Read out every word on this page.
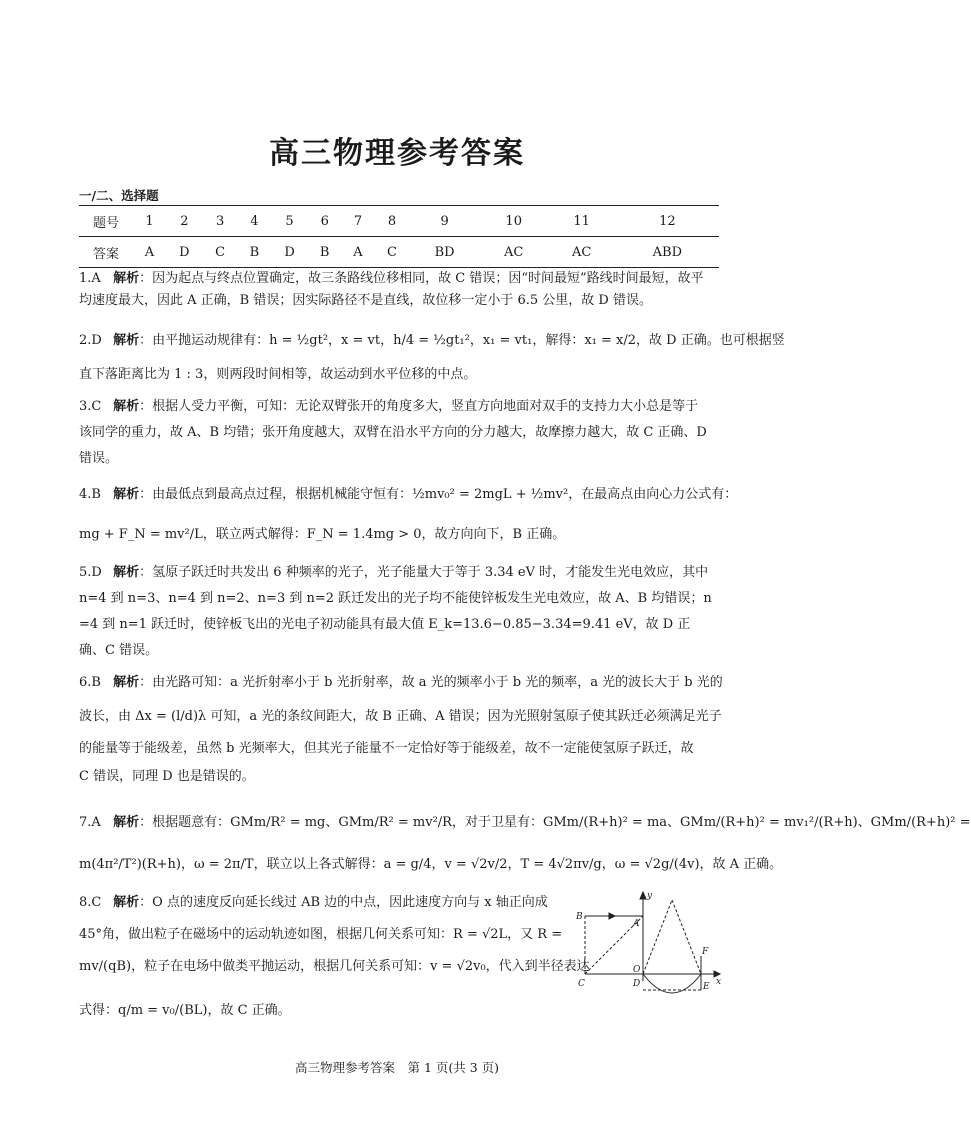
高三物理参考答案
一/二、选择题
题号	1	2	3	4	5	6	7	8	9	10	11	12
答案	A	D	C	B	D	B	A	C	BD	AC	AC	ABD
1.A 解析：因为起点与终点位置确定，故三条路线位移相同，故 C 错误；因“时间最短”路线时间最短，故平
均速度最大，因此 A 正确，B 错误；因实际路径不是直线，故位移一定小于 6.5 公里，故 D 错误。
2.D 解析：由平抛运动规律有：h = ½gt²，x = vt，h/4 = ½gt₁²，x₁ = vt₁，解得：x₁ = x/2，故 D 正确。也可根据竖
直下落距离比为 1 : 3，则两段时间相等，故运动到水平位移的中点。
3.C 解析：根据人受力平衡，可知：无论双臂张开的角度多大，竖直方向地面对双手的支持力大小总是等于
该同学的重力，故 A、B 均错；张开角度越大，双臂在沿水平方向的分力越大，故摩擦力越大，故 C 正确、D
错误。
4.B 解析：由最低点到最高点过程，根据机械能守恒有：½mv₀² = 2mgL + ½mv²，在最高点由向心力公式有：
mg + F_N = mv²/L，联立两式解得：F_N = 1.4mg > 0，故方向向下，B 正确。
5.D 解析：氢原子跃迁时共发出 6 种频率的光子，光子能量大于等于 3.34 eV 时，才能发生光电效应，其中
n=4 到 n=3、n=4 到 n=2、n=3 到 n=2 跃迁发出的光子均不能使锌板发生光电效应，故 A、B 均错误；n
=4 到 n=1 跃迁时，使锌板飞出的光电子初动能具有最大值 E_k=13.6−0.85−3.34=9.41 eV，故 D 正
确、C 错误。
6.B 解析：由光路可知：a 光折射率小于 b 光折射率，故 a 光的频率小于 b 光的频率，a 光的波长大于 b 光的
波长，由 Δx = (l/d)λ 可知，a 光的条纹间距大，故 B 正确、A 错误；因为光照射氢原子使其跃迁必须满足光子
的能量等于能级差，虽然 b 光频率大，但其光子能量不一定恰好等于能级差，故不一定能使氢原子跃迁，故
C 错误，同理 D 也是错误的。
7.A 解析：根据题意有：GMm/R² = mg、GMm/R² = mv²/R，对于卫星有：GMm/(R+h)² = ma、GMm/(R+h)² = mv₁²/(R+h)、GMm/(R+h)² =
m(4π²/T²)(R+h)，ω = 2π/T，联立以上各式解得：a = g/4，v = √2v/2，T = 4√2πv/g，ω = √2g/(4v)，故 A 正确。
8.C 解析：O 点的速度反向延长线过 AB 边的中点，因此速度方向与 x 轴正向成
45°角，做出粒子在磁场中的运动轨迹如图，根据几何关系可知：R = √2L，又 R =
mv/(qB)，粒子在电场中做类平抛运动，根据几何关系可知：v = √2v₀，代入到半径表达
式得：q/m = v₀/(BL)，故 C 正确。
B
A
O
C	D
F
E x
y
高三物理参考答案　第 1 页(共 3 页)
